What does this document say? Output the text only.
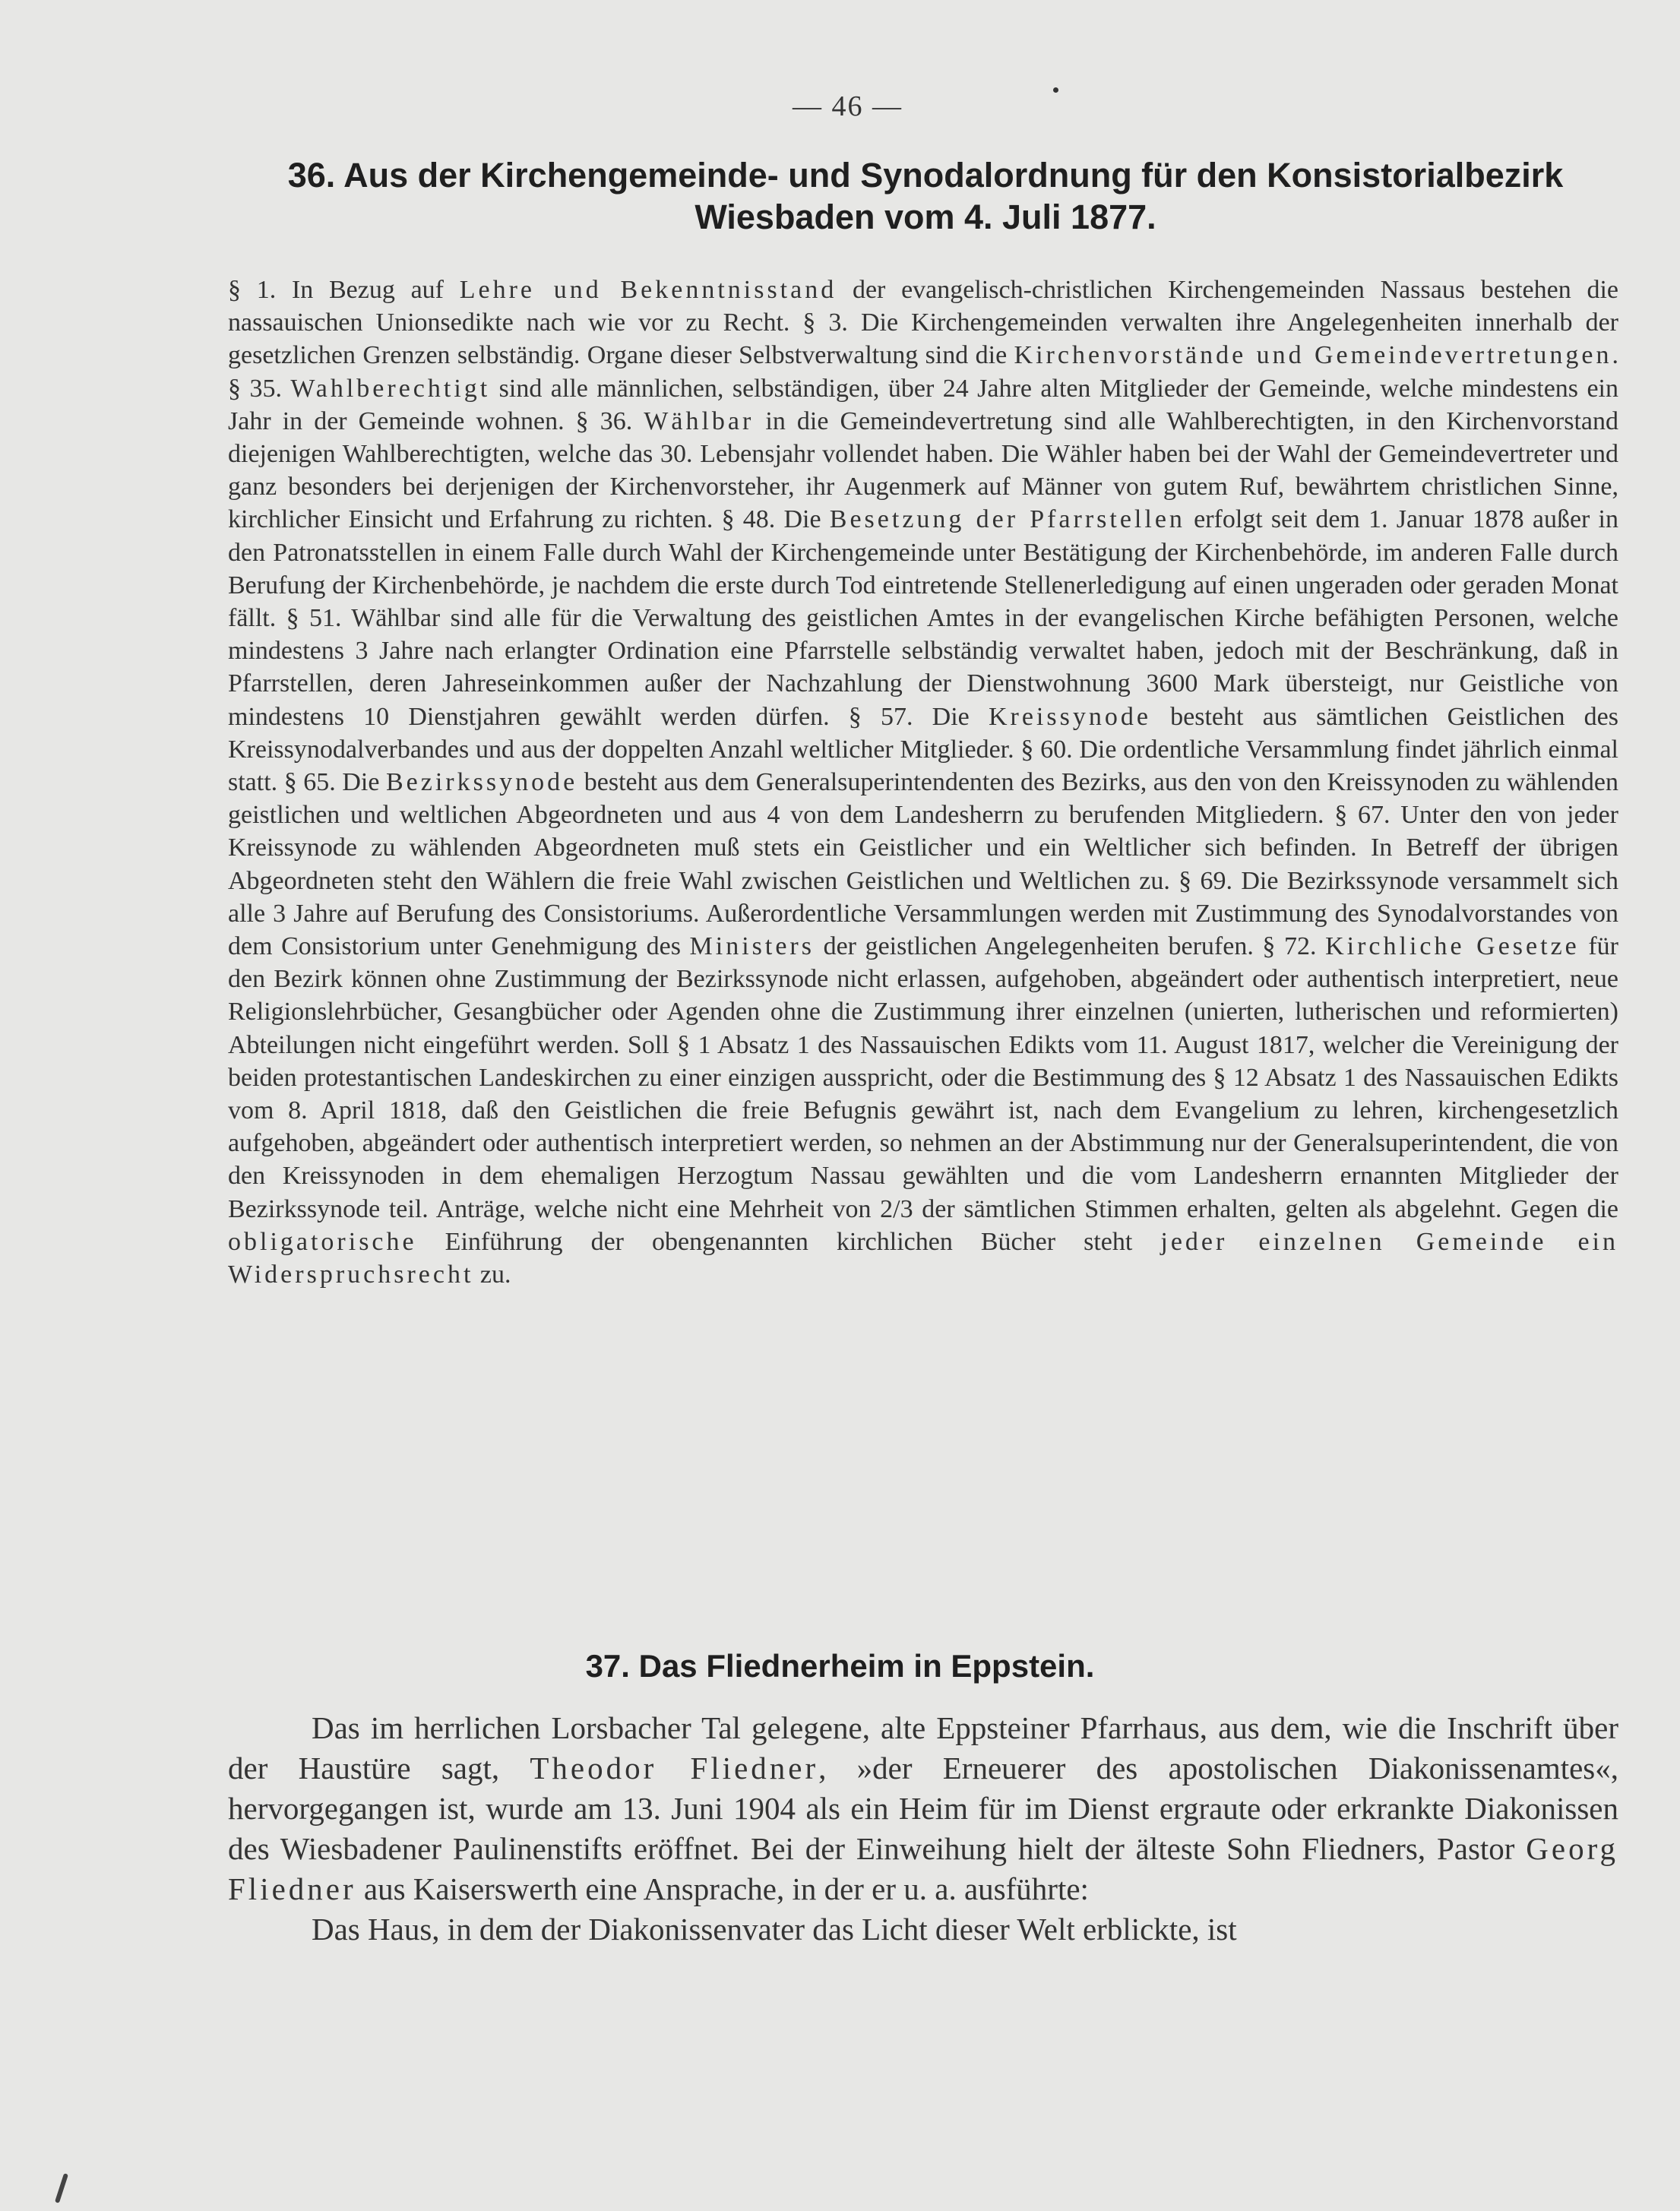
— 46 —
36. Aus der Kirchengemeinde- und Synodalordnung für den Konsistorialbezirk
Wiesbaden vom 4. Juli 1877.
§ 1. In Bezug auf Lehre und Bekenntnisstand der evangelisch-christlichen Kirchengemeinden Nassaus bestehen die nassauischen Unionsedikte nach wie vor zu Recht. § 3. Die Kirchengemeinden verwalten ihre Angelegenheiten innerhalb der gesetzlichen Grenzen selbständig. Organe dieser Selbstverwaltung sind die Kirchenvorstände und Gemeindevertretungen. § 35. Wahlberechtigt sind alle männlichen, selbständigen, über 24 Jahre alten Mitglieder der Gemeinde, welche mindestens ein Jahr in der Gemeinde wohnen. § 36. Wählbar in die Gemeindevertretung sind alle Wahlberechtigten, in den Kirchenvorstand diejenigen Wahlberechtigten, welche das 30. Lebensjahr vollendet haben. Die Wähler haben bei der Wahl der Gemeindevertreter und ganz besonders bei derjenigen der Kirchenvorsteher, ihr Augenmerk auf Männer von gutem Ruf, bewährtem christlichen Sinne, kirchlicher Einsicht und Erfahrung zu richten. § 48. Die Besetzung der Pfarrstellen erfolgt seit dem 1. Januar 1878 außer in den Patronatsstellen in einem Falle durch Wahl der Kirchengemeinde unter Bestätigung der Kirchenbehörde, im anderen Falle durch Berufung der Kirchenbehörde, je nachdem die erste durch Tod eintretende Stellenerledigung auf einen ungeraden oder geraden Monat fällt. § 51. Wählbar sind alle für die Verwaltung des geistlichen Amtes in der evangelischen Kirche befähigten Personen, welche mindestens 3 Jahre nach erlangter Ordination eine Pfarrstelle selbständig verwaltet haben, jedoch mit der Beschränkung, daß in Pfarrstellen, deren Jahreseinkommen außer der Nachzahlung der Dienstwohnung 3600 Mark übersteigt, nur Geistliche von mindestens 10 Dienstjahren gewählt werden dürfen. § 57. Die Kreissynode besteht aus sämtlichen Geistlichen des Kreissynodalverbandes und aus der doppelten Anzahl weltlicher Mitglieder. § 60. Die ordentliche Versammlung findet jährlich einmal statt. § 65. Die Bezirkssynode besteht aus dem Generalsuperintendenten des Bezirks, aus den von den Kreissynoden zu wählenden geistlichen und weltlichen Abgeordneten und aus 4 von dem Landesherrn zu berufenden Mitgliedern. § 67. Unter den von jeder Kreissynode zu wählenden Abgeordneten muß stets ein Geistlicher und ein Weltlicher sich befinden. In Betreff der übrigen Abgeordneten steht den Wählern die freie Wahl zwischen Geistlichen und Weltlichen zu. § 69. Die Bezirkssynode versammelt sich alle 3 Jahre auf Berufung des Consistoriums. Außerordentliche Versammlungen werden mit Zustimmung des Synodalvorstandes von dem Consistorium unter Genehmigung des Ministers der geistlichen Angelegenheiten berufen. § 72. Kirchliche Gesetze für den Bezirk können ohne Zustimmung der Bezirkssynode nicht erlassen, aufgehoben, abgeändert oder authentisch interpretiert, neue Religionslehrbücher, Gesangbücher oder Agenden ohne die Zustimmung ihrer einzelnen (unierten, lutherischen und reformierten) Abteilungen nicht eingeführt werden. Soll § 1 Absatz 1 des Nassauischen Edikts vom 11. August 1817, welcher die Vereinigung der beiden protestantischen Landeskirchen zu einer einzigen ausspricht, oder die Bestimmung des § 12 Absatz 1 des Nassauischen Edikts vom 8. April 1818, daß den Geistlichen die freie Befugnis gewährt ist, nach dem Evangelium zu lehren, kirchengesetzlich aufgehoben, abgeändert oder authentisch interpretiert werden, so nehmen an der Abstimmung nur der Generalsuperintendent, die von den Kreissynoden in dem ehemaligen Herzogtum Nassau gewählten und die vom Landesherrn ernannten Mitglieder der Bezirkssynode teil. Anträge, welche nicht eine Mehrheit von 2/3 der sämtlichen Stimmen erhalten, gelten als abgelehnt. Gegen die obligatorische Einführung der obengenannten kirchlichen Bücher steht jeder einzelnen Gemeinde ein Widerspruchsrecht zu.
37. Das Fliednerheim in Eppstein.

Das im herrlichen Lorsbacher Tal gelegene, alte Eppsteiner Pfarrhaus, aus dem, wie die Inschrift über der Haustüre sagt, Theodor Fliedner, »der Erneuerer des apostolischen Diakonissenamtes«, hervorgegangen ist, wurde am 13. Juni 1904 als ein Heim für im Dienst ergraute oder erkrankte Diakonissen des Wiesbadener Paulinenstifts eröffnet. Bei der Einweihung hielt der älteste Sohn Fliedners, Pastor Georg Fliedner aus Kaiserswerth eine Ansprache, in der er u. a. ausführte:

Das Haus, in dem der Diakonissenvater das Licht dieser Welt erblickte, ist
